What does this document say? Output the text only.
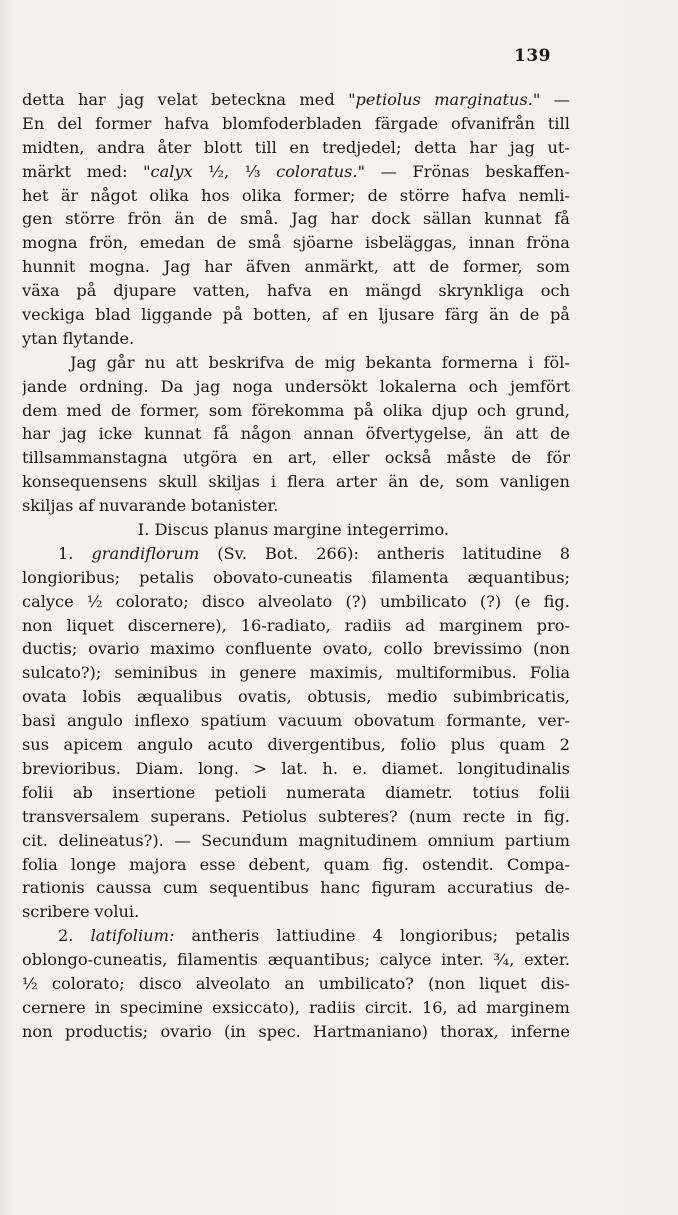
139
detta har jag velat beteckna med "petiolus marginatus." —
En del former hafva blomfoderbladen färgade ofvanifrån till
midten, andra åter blott till en tredjedel; detta har jag ut-
märkt med: "calyx ½, ⅓ coloratus." — Frönas beskaffen-
het är något olika hos olika former; de större hafva nemli-
gen större frön än de små. Jag har dock sällan kunnat få
mogna frön, emedan de små sjöarne isbeläggas, innan fröna
hunnit mogna. Jag har äfven anmärkt, att de former, som
växa på djupare vatten, hafva en mängd skrynkliga och
veckiga blad liggande på botten, af en ljusare färg än de på
ytan flytande.
Jag går nu att beskrifva de mig bekanta formerna i föl-
jande ordning. Da jag noga undersökt lokalerna och jemfört
dem med de former, som förekomma på olika djup och grund,
har jag icke kunnat få någon annan öfvertygelse, än att de
tillsammanstagna utgöra en art, eller också måste de för
konsequensens skull skiljas i flera arter än de, som vanligen
skiljas af nuvarande botanister.
I.
Discus
planus
margine
integerrimo.

1. grandiflorum (Sv. Bot. 266): antheris latitudine 8
longioribus; petalis obovato-cuneatis filamenta æquantibus;
calyce ½ colorato; disco alveolato (?) umbilicato (?) (e fig.
non liquet discernere), 16-radiato, radiis ad marginem pro-
ductis; ovario maximo confluente ovato, collo brevissimo (non
sulcato?); seminibus in genere maximis, multiformibus. Folia
ovata lobis æqualibus ovatis, obtusis, medio subimbricatis,
basi angulo inflexo spatium vacuum obovatum formante, ver-
sus apicem angulo acuto divergentibus, folio plus quam 2
brevioribus. Diam. long. > lat. h. e. diamet. longitudinalis
folii ab insertione petioli numerata diametr. totius folii
transversalem superans. Petiolus subteres? (num recte in fig.
cit. delineatus?). — Secundum magnitudinem omnium partium
folia longe majora esse debent, quam fig. ostendit. Compa-
rationis caussa cum sequentibus hanc figuram accuratius de-
scribere volui.
2. latifolium: antheris lattiudine 4 longioribus; petalis
oblongo-cuneatis, filamentis æquantibus; calyce inter. ¾, exter.
½ colorato; disco alveolato an umbilicato? (non liquet dis-
cernere in specimine exsiccato), radiis circit. 16, ad marginem
non productis; ovario (in spec. Hartmaniano) thorax, inferne
